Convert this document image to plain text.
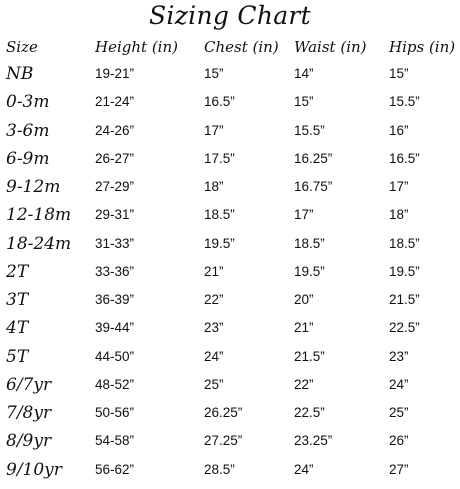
Sizing Chart
Size	Height (in) Chest (in) Waist (in) Hips (in)
NB	19-21”	15”	14”	15”
0-3m	21-24”	16.5”	15”	15.5”
3-6m	24-26”	17”	15.5”	16”
6-9m	26-27”	17.5”	16.25”	16.5”
9-12m	27-29”	18”	16.75”	17”
12-18m 29-31”	18.5”	17”	18”
18-24m 31-33”	19.5”	18.5”	18.5”
2T	33-36”	21”	19.5”	19.5”
3T	36-39”	22”	20”	21.5”
4T	39-44”	23”	21”	22.5”
5T	44-50”	24”	21.5”	23”
6/7yr	48-52”	25”	22”	24”
7/8yr	50-56”	26.25”	22.5”	25”
8/9yr	54-58”	27.25”	23.25”	26”
9/10yr 56-62”	28.5”	24”	27”
